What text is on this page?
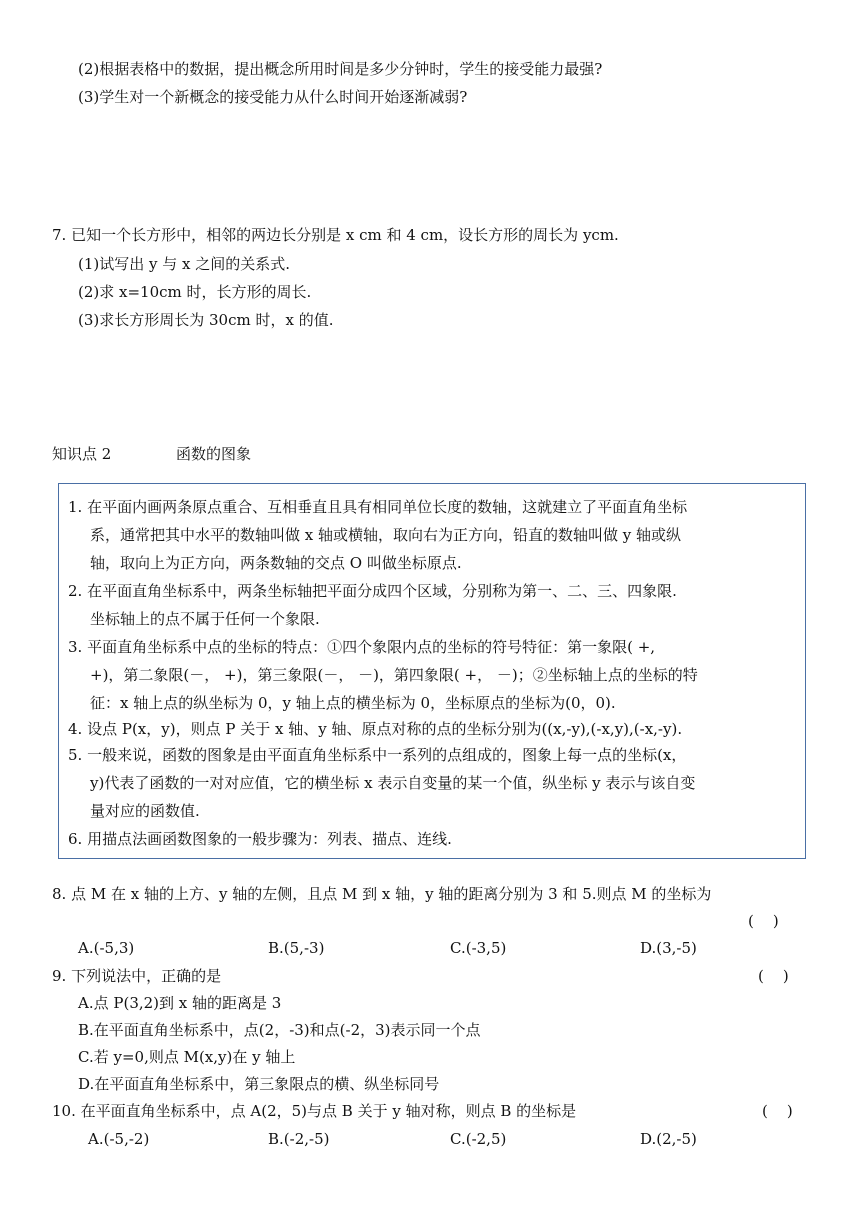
(2)根据表格中的数据，提出概念所用时间是多少分钟时，学生的接受能力最强?
(3)学生对一个新概念的接受能力从什么时间开始逐渐减弱?
7. 已知一个长方形中，相邻的两边长分别是 x cm 和 4 cm，设长方形的周长为 ycm.
(1)试写出 y 与 x 之间的关系式.
(2)求 x=10cm 时，长方形的周长.
(3)求长方形周长为 30cm 时，x 的值.
知识点 2	函数的图象
1. 在平面内画两条原点重合、互相垂直且具有相同单位长度的数轴，这就建立了平面直角坐标
系，通常把其中水平的数轴叫做 x 轴或横轴，取向右为正方向，铅直的数轴叫做 y 轴或纵
轴，取向上为正方向，两条数轴的交点 O 叫做坐标原点.
2. 在平面直角坐标系中，两条坐标轴把平面分成四个区域，分别称为第一、二、三、四象限.
坐标轴上的点不属于任何一个象限.
3. 平面直角坐标系中点的坐标的特点：①四个象限内点的坐标的符号特征：第一象限( +,
+)，第二象限(－， +)，第三象限(－， －)，第四象限( +， －)；②坐标轴上点的坐标的特
征：x 轴上点的纵坐标为 0，y 轴上点的横坐标为 0，坐标原点的坐标为(0，0).
4. 设点 P(x，y)，则点 P 关于 x 轴、y 轴、原点对称的点的坐标分别为((x,-y),(-x,y),(-x,-y).
5. 一般来说，函数的图象是由平面直角坐标系中一系列的点组成的，图象上每一点的坐标(x，
y)代表了函数的一对对应值，它的横坐标 x 表示自变量的某一个值，纵坐标 y 表示与该自变
量对应的函数值.
6. 用描点法画函数图象的一般步骤为：列表、描点、连线.
8. 点 M 在 x 轴的上方、y 轴的左侧，且点 M 到 x 轴，y 轴的距离分别为 3 和 5.则点 M 的坐标为
(    )
A.(-5,3)	B.(5,-3)	C.(-3,5)	D.(3,-5)
9. 下列说法中，正确的是	(    )
A.点 P(3,2)到 x 轴的距离是 3
B.在平面直角坐标系中，点(2，-3)和点(-2，3)表示同一个点
C.若 y=0,则点 M(x,y)在 y 轴上
D.在平面直角坐标系中，第三象限点的横、纵坐标同号
10. 在平面直角坐标系中，点 A(2，5)与点 B 关于 y 轴对称，则点 B 的坐标是	(    )
A.(-5,-2)	B.(-2,-5)	C.(-2,5)	D.(2,-5)
